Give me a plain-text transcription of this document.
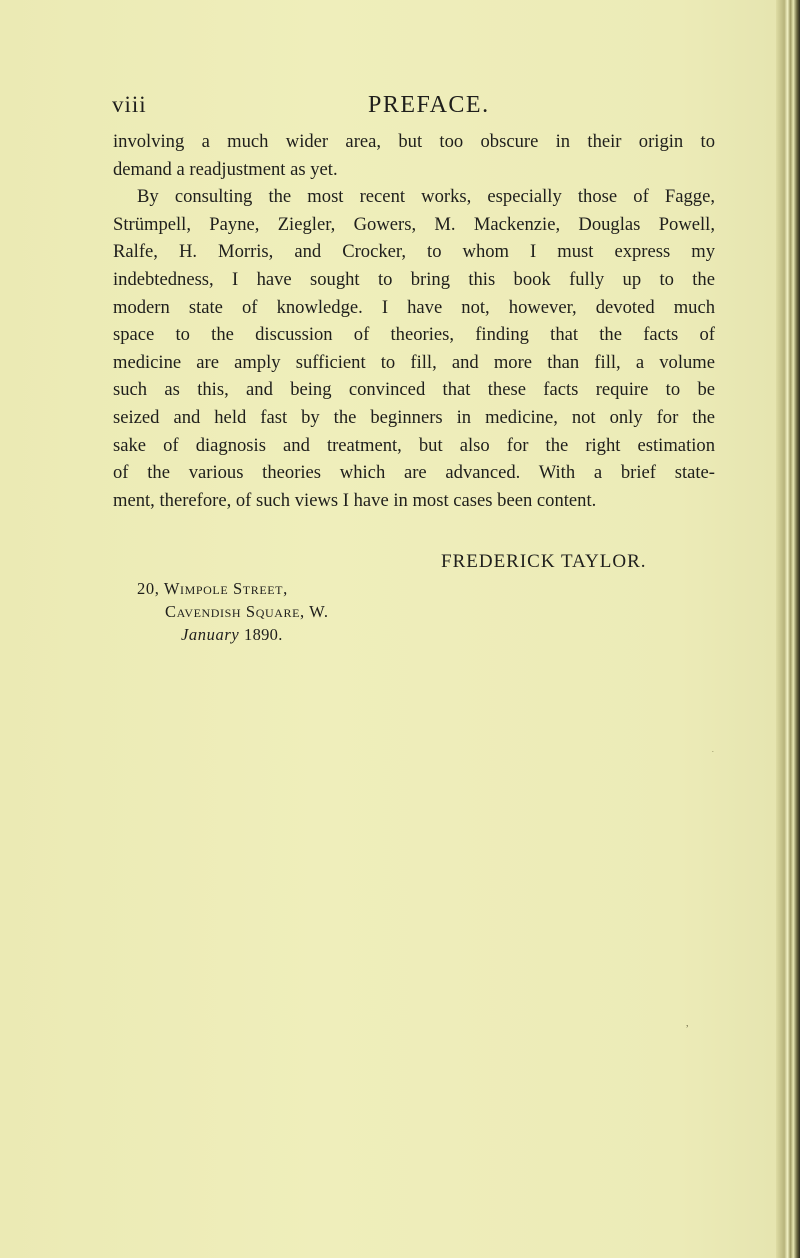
viii	PREFACE.
involving a much wider area, but too obscure in their origin to
demand a readjustment as yet.
By consulting the most recent works, especially those of Fagge,
Strümpell, Payne, Ziegler, Gowers, M. Mackenzie, Douglas Powell,
Ralfe, H. Morris, and Crocker, to whom I must express my
indebtedness, I have sought to bring this book fully up to the
modern state of knowledge. I have not, however, devoted much
space to the discussion of theories, finding that the facts of
medicine are amply sufficient to fill, and more than fill, a volume
such as this, and being convinced that these facts require to be
seized and held fast by the beginners in medicine, not only for the
sake of diagnosis and treatment, but also for the right estimation
of the various theories which are advanced. With a brief state-
ment, therefore, of such views I have in most cases been content.
FREDERICK TAYLOR.
20, Wimpole Street,
Cavendish Square, W.
January 1890.
,
.
